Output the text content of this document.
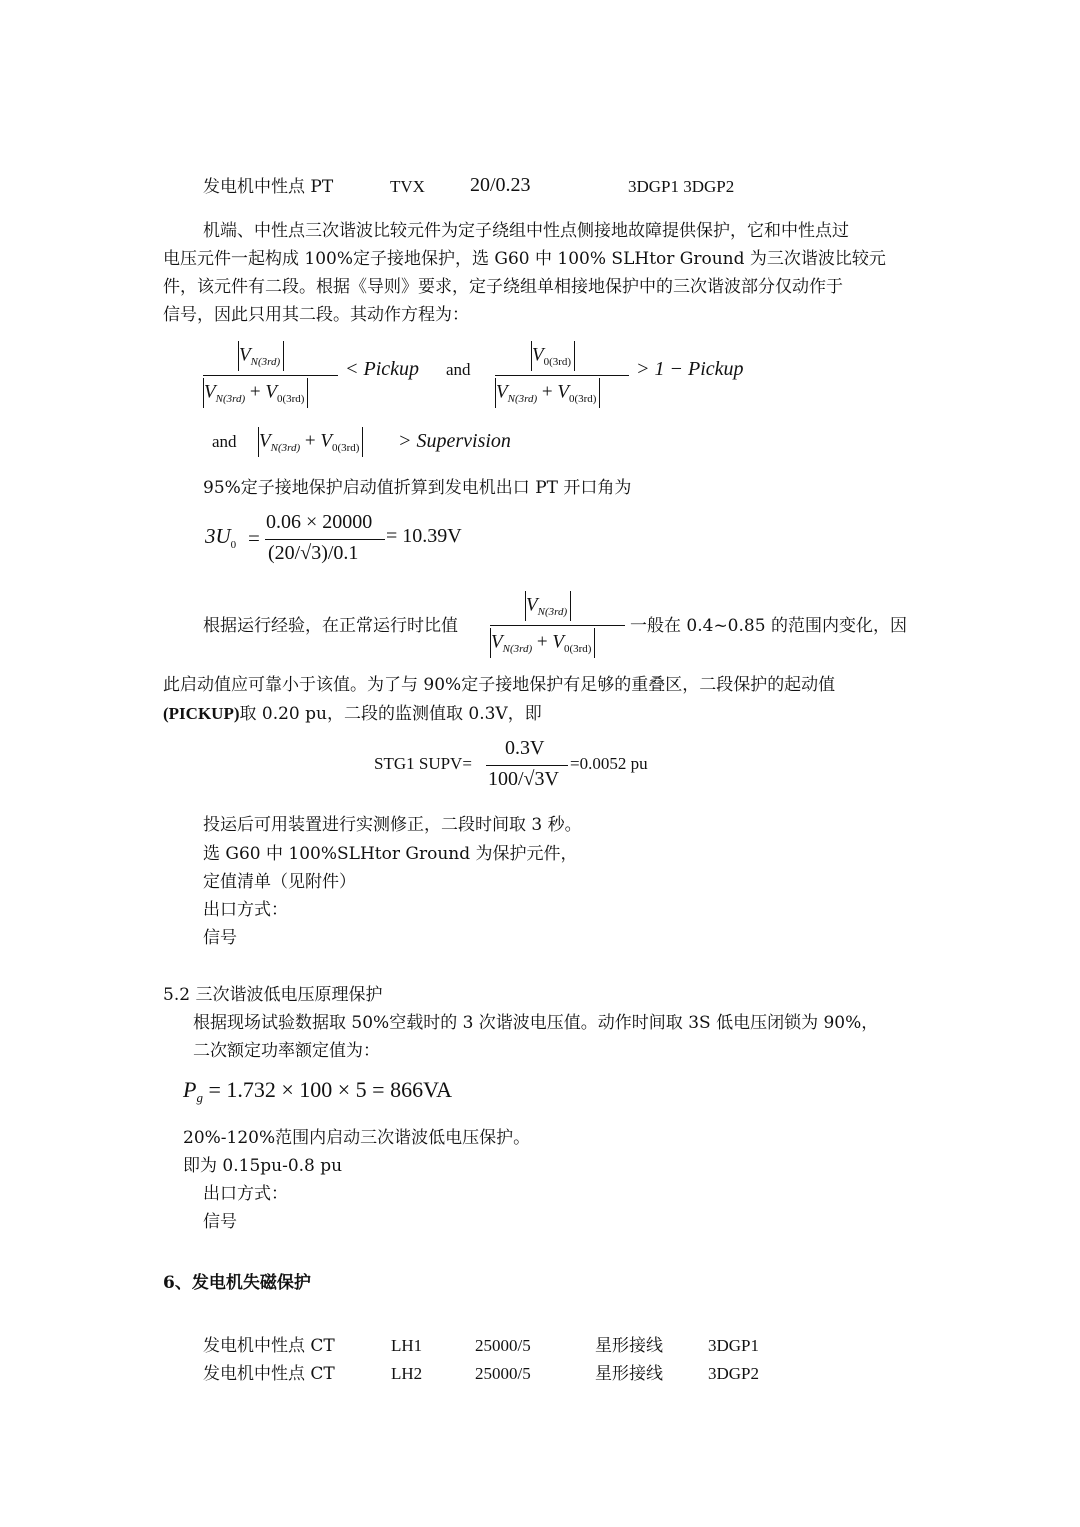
发电机中性点 PT	TVX 20/0.23	3DGP1 3DGP2
机端、中性点三次谐波比较元件为定子绕组中性点侧接地故障提供保护，它和中性点过
电压元件一起构成 100%定子接地保护，选 G60 中 100% SLHtor Ground 为三次谐波比较元
件，该元件有二段。根据《导则》要求，定子绕组单相接地保护中的三次谐波部分仅动作于
信号，因此只用其二段。其动作方程为：
$V_{N(3rd)}$
$V_{N(3rd)} + V_{0(3rd)}$
< Pickup and
$V_{0(3rd)}$
$V_{N(3rd)} + V_{0(3rd)}$
> 1 − Pickup
and $V_{N(3rd)} + V_{0(3rd)}$ > Supervision
95%定子接地保护启动值折算到发电机出口 PT 开口角为
$3U_0$ =
0.06 × 20000
(20/√3)/0.1
= 10.39V
根据运行经验，在正常运行时比值
$V_{N(3rd)}$
$V_{N(3rd)} + V_{0(3rd)}$
一般在 0.4~0.85 的范围内变化，因
此启动值应可靠小于该值。为了与 90%定子接地保护有足够的重叠区，二段保护的起动值
(PICKUP)取 0.20 pu，二段的监测值取 0.3V，即
STG1 SUPV=
0.3V
100/√3V
=0.0052 pu
投运后可用装置进行实测修正，二段时间取 3 秒。
选 G60 中 100%SLHtor Ground 为保护元件，
定值清单（见附件）
出口方式：
信号
5.2 三次谐波低电压原理保护
根据现场试验数据取 50%空载时的 3 次谐波电压值。动作时间取 3S 低电压闭锁为 90%，
二次额定功率额定值为：
$P_g = 1.732 \times 100 \times 5 = 866VA$
20%-120%范围内启动三次谐波低电压保护。
即为 0.15pu-0.8 pu
出口方式：
信号
6、发电机失磁保护
发电机中性点 CT	LH1	25000/5	星形接线	3DGP1
发电机中性点 CT	LH2	25000/5	星形接线	3DGP2
